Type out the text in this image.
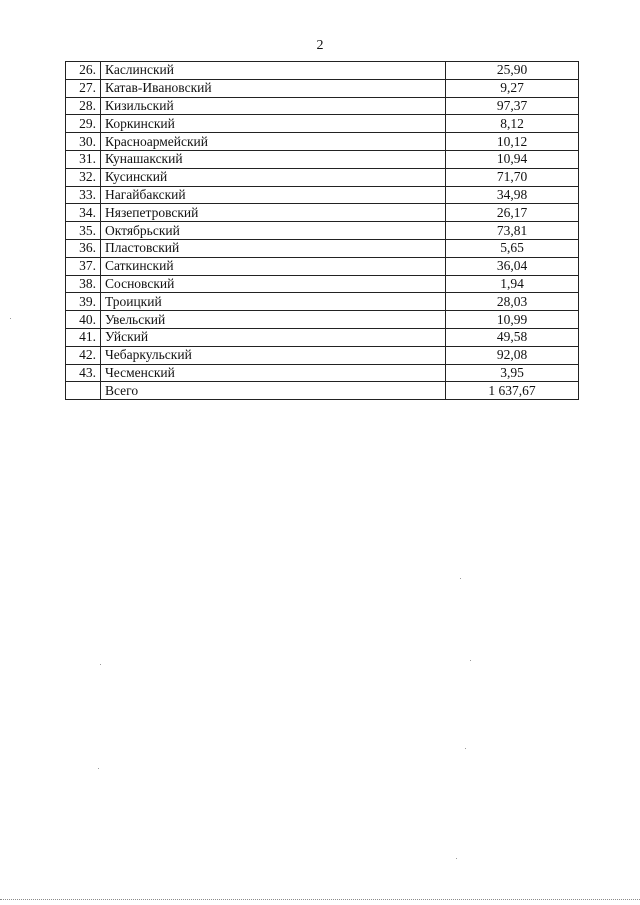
2
26.	Каслинский	25,90
27.	Катав-Ивановский	9,27
28.	Кизильский	97,37
29.	Коркинский	8,12
30.	Красноармейский	10,12
31.	Кунашакский	10,94
32.	Кусинский	71,70
33.	Нагайбакский	34,98
34.	Нязепетровский	26,17
35.	Октябрьский	73,81
36.	Пластовский	5,65
37.	Саткинский	36,04
38.	Сосновский	1,94
39.	Троицкий	28,03
40.	Увельский	10,99
41.	Уйский	49,58
42.	Чебаркульский	92,08
43.	Чесменский	3,95
	Всего	1 637,67
